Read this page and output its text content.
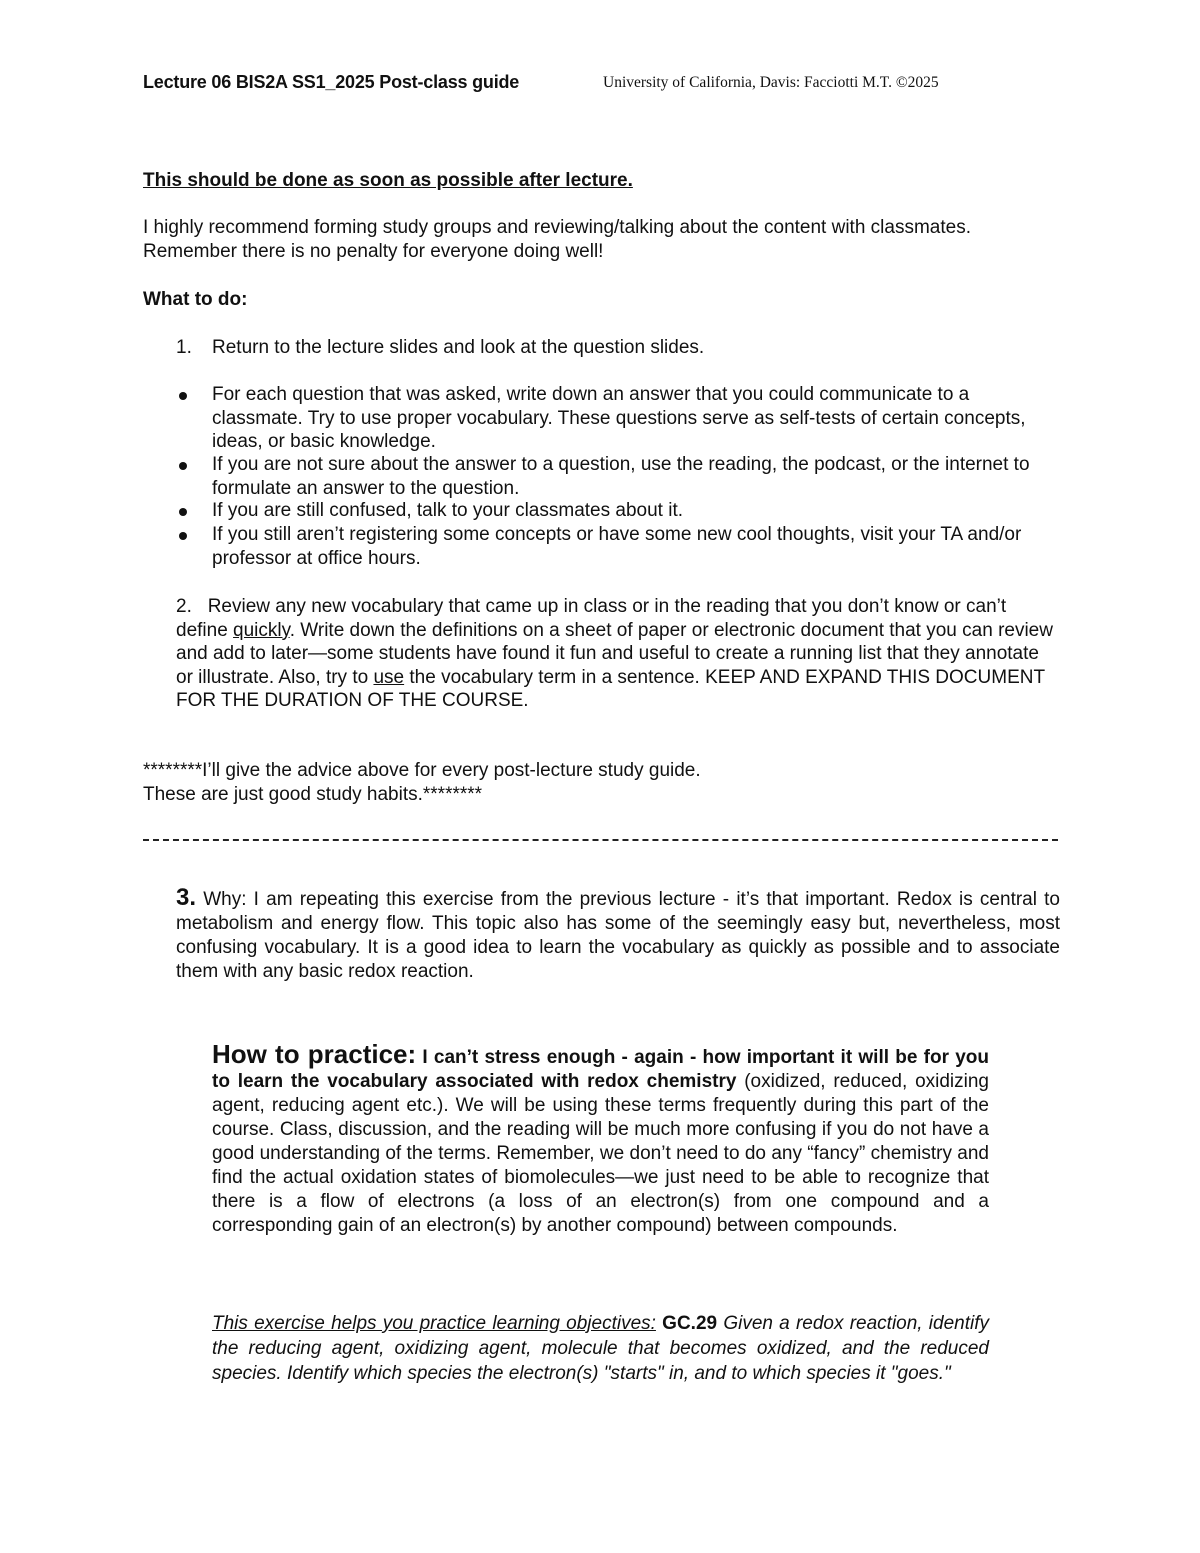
Lecture 06 BIS2A SS1_2025 Post-class guide	University of California, Davis: Facciotti M.T. ©2025
This should be done as soon as possible after lecture.
I highly recommend forming study groups and reviewing/talking about the content with classmates. Remember there is no penalty for everyone doing well!
What to do:
1. Return to the lecture slides and look at the question slides.
For each question that was asked, write down an answer that you could communicate to a classmate. Try to use proper vocabulary. These questions serve as self-tests of certain concepts, ideas, or basic knowledge.
If you are not sure about the answer to a question, use the reading, the podcast, or the internet to formulate an answer to the question.
If you are still confused, talk to your classmates about it.
If you still aren’t registering some concepts or have some new cool thoughts, visit your TA and/or professor at office hours.
2. Review any new vocabulary that came up in class or in the reading that you don’t know or can’t define quickly. Write down the definitions on a sheet of paper or electronic document that you can review and add to later—some students have found it fun and useful to create a running list that they annotate or illustrate. Also, try to use the vocabulary term in a sentence. KEEP AND EXPAND THIS DOCUMENT FOR THE DURATION OF THE COURSE.
********I’ll give the advice above for every post-lecture study guide.
These are just good study habits.********
3. Why: I am repeating this exercise from the previous lecture - it’s that important. Redox is central to metabolism and energy flow. This topic also has some of the seemingly easy but, nevertheless, most confusing vocabulary. It is a good idea to learn the vocabulary as quickly as possible and to associate them with any basic redox reaction.
How to practice: I can’t stress enough - again - how important it will be for you to learn the vocabulary associated with redox chemistry (oxidized, reduced, oxidizing agent, reducing agent etc.). We will be using these terms frequently during this part of the course. Class, discussion, and the reading will be much more confusing if you do not have a good understanding of the terms. Remember, we don’t need to do any “fancy” chemistry and find the actual oxidation states of biomolecules—we just need to be able to recognize that there is a flow of electrons (a loss of an electron(s) from one compound and a corresponding gain of an electron(s) by another compound) between compounds.
This exercise helps you practice learning objectives: GC.29 Given a redox reaction, identify the reducing agent, oxidizing agent, molecule that becomes oxidized, and the reduced species. Identify which species the electron(s) "starts" in, and to which species it "goes."
